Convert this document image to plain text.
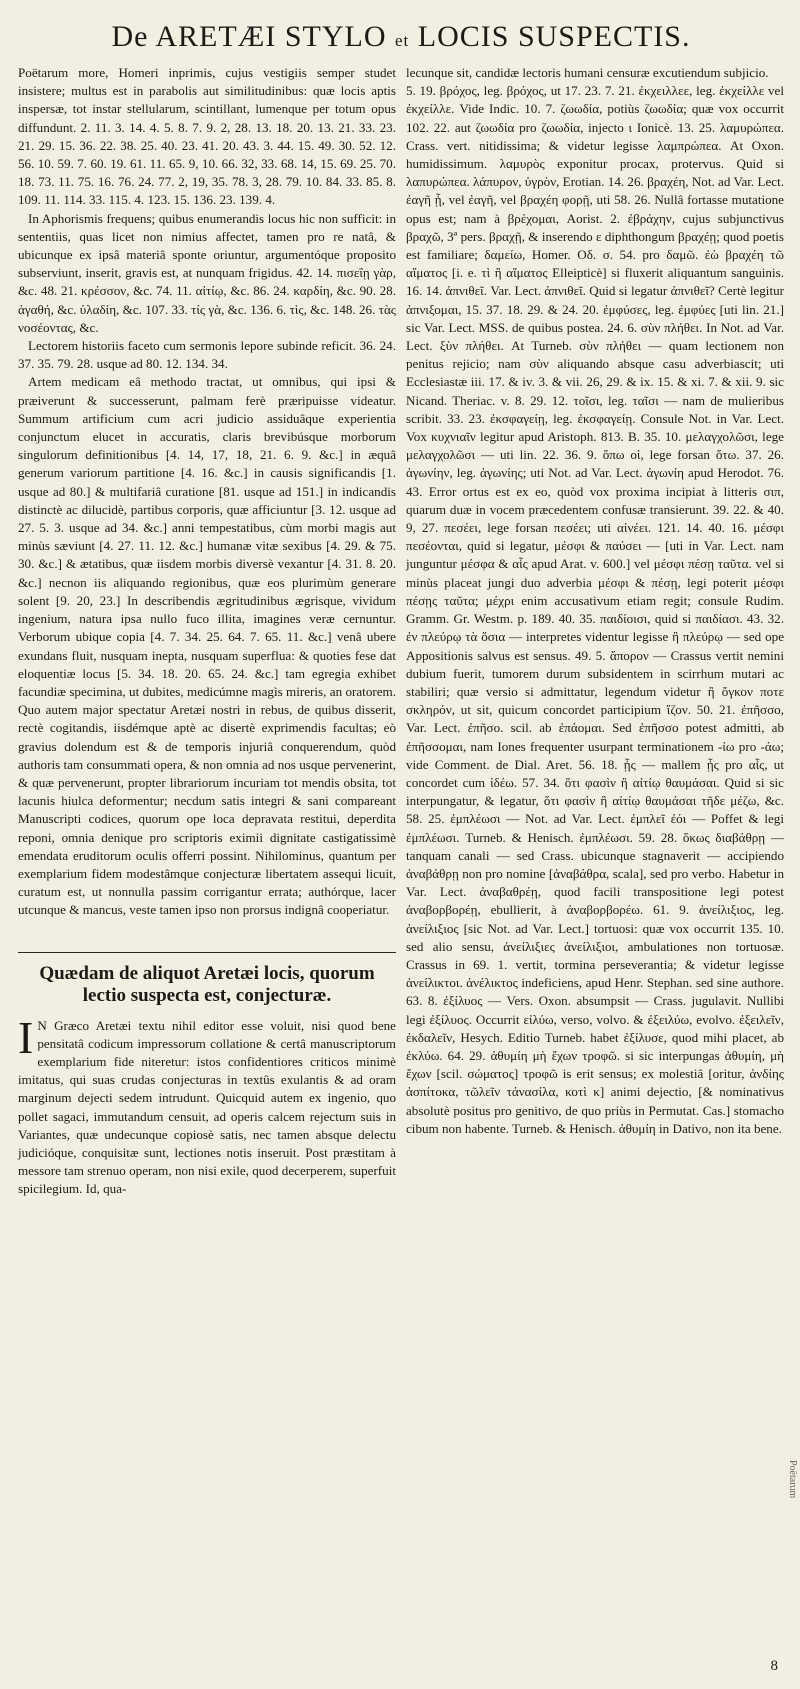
De ARETÆI STYLO et LOCIS SUSPECTIS.

Poëtarum more, Homeri inprimis, cujus vestigiis semper studet insistere; multus est in parabolis aut similitudinibus: quæ locis aptis inspersæ, tot instar stellularum, scintillant, lumenque per totum opus diffundunt. 2. 11. 3. 14. 4. 5. 8. 7. 9. 2, 28. 13. 18. 20. 13. 21. 33. 23. 21. 29. 15. 36. 22. 38. 25. 40. 23. 41. 20. 43. 3. 44. 15. 49. 30. 52. 12. 56. 10. 59. 7. 60. 19. 61. 11. 65. 9, 10. 66. 32, 33. 68. 14, 15. 69. 25. 70. 18. 73. 11. 75. 16. 76. 24. 77. 2, 19, 35. 78. 3, 28. 79. 10. 84. 33. 85. 8. 109. 11. 114. 33. 115. 4. 123. 15. 136. 23. 139. 4.

In Aphorismis frequens; quibus enumerandis locus hic non sufficit: in sententiis, quas licet non nimius affectet, tamen pro re natâ, & ubicunque ex ipsâ materiâ sponte oriuntur, argumentóque proposito subserviunt, inserit, gravis est, at nunquam frigidus. 42. 14. πισεΐῃ γὰρ, &c. 48. 21. κρέσσον, &c. 74. 11. αἰτίῳ, &c. 86. 24. καρδίη, &c. 90. 28. ἀγαθή, &c. ὑλαδίη, &c. 107. 33. τίς γὰ, &c. 136. 6. τὶς, &c. 148. 26. τὰς νοσέοντας, &c.

Lectorem historiis faceto cum sermonis lepore subinde reficit. 36. 24. 37. 35. 79. 28. usque ad 80. 12. 134. 34.

Artem medicam eâ methodo tractat, ut omnibus, qui ipsi & præiverunt & successerunt, palmam ferè præripuisse videatur. Summum artificium cum acri judicio assiduâque experientia conjunctum elucet in accuratis, claris brevibúsque morborum singulorum definitionibus [4. 14, 17, 18, 21. 6. 9. &c.] in æquâ generum variorum partitione [4. 16. &c.] in causis significandis [1. usque ad 80.] & multifariâ curatione [81. usque ad 151.] in indicandis distinctè ac dilucidè, partibus corporis, quæ afficiuntur [3. 12. usque ad 27. 5. 3. usque ad 34. &c.] anni tempestatibus, cùm morbi magis aut minùs sæviunt [4. 27. 11. 12. &c.] humanæ vitæ sexibus [4. 29. & 75. 30. &c.] & ætatibus, quæ iisdem morbis diversè vexantur [4. 31. 8. 20. &c.] necnon iis aliquando regionibus, quæ eos plurimùm generare solent [9. 20, 23.] In describendis ægritudinibus ægrisque, vividum ingenium, natura ipsa nullo fuco illita, imagines veræ cernuntur. Verborum ubique copia [4. 7. 34. 25. 64. 7. 65. 11. &c.] venâ ubere exundans fluit, nusquam inepta, nusquam superflua: & quoties fese dat eloquentiæ locus [5. 34. 18. 20. 65. 24. &c.] tam egregia exhibet facundiæ specimina, ut dubites, medicúmne magìs mireris, an oratorem. Quo autem major spectatur Aretæi nostri in rebus, de quibus disserit, rectè cogitandis, iisdémque aptè ac disertè exprimendis facultas; eò gravius dolendum est & de temporis injuriâ conquerendum, quòd authoris tam consummati opera, & non omnia ad nos usque pervenerint, & quæ pervenerunt, propter librariorum incuriam tot mendis obsita, tot lacunis hiulca deformentur; necdum satis integri & sani compareant Manuscripti codices, quorum ope loca depravata restitui, deperdita reponi, omnia denique pro scriptoris eximii dignitate castigatissimè emendata eruditorum oculis offerri possint. Nihilominus, quantum per exemplarium fidem modestâmque conjecturæ libertatem assequi licuit, curatum est, ut nonnulla passim corrigantur errata; authórque, lacer utcunque & mancus, veste tamen ipso non prorsus indignâ cooperiatur.

Quædam de aliquot Aretæi locis, quorum lectio suspecta est, conjecturæ.
I N Græco Aretæi textu nihil editor esse voluit, nisi quod bene pensitatâ codicum impressorum collatione & certâ manuscriptorum exemplarium fide niteretur: istos confidentiores criticos minimè imitatus, qui suas crudas conjecturas in textûs exulantis & ad oram marginum dejecti sedem intrudunt. Quicquid autem ex ingenio, quo pollet sagaci, immutandum censuit, ad operis calcem rejectum suis in Variantes, quæ undecunque copiosè satis, nec tamen absque delectu judicióque, conquisitæ sunt, lectiones notis inseruit. Post præstitam à messore tam strenuo operam, non nisi exile, quod decerperem, superfuit spicilegium. Id, qua-

lecunque sit, candidæ lectoris humani censuræ excutiendum subjicio.

5. 19. βρόχος, leg. βρόχος, ut 17. 23. 7. 21. ἐκχειλλεε, leg. ἐκχείλλε vel ἐκχείλλε. Vide Indic. 10. 7. ζωωδία, potiùs ζωωδία; quæ vox occurrit 102. 22. aut ζωωδία pro ζωωδία, injecto ι Ionicè. 13. 25. λαμυρώπεα. Crass. vert. nitidissima; & videtur legisse λαμπρώπεα. At Oxon. humidissimum. λαμυρὸς exponitur procax, protervus. Quid si λαπυρώπεα. λάπυρον, ὑγρὸν, Erotian. 14. 26. βραχέη, Not. ad Var. Lect. ἐαγῆ ᾗ, vel ἐαγῆ, vel βραχέη φορῇ, uti 58. 26. Nullâ fortasse mutatione opus est; nam à βρέχομαι, Aorist. 2. ἐβράχην, cujus subjunctivus βραχῶ, 3ª pers. βραχῇ, & inserendo ε diphthongum βραχέῃ; quod poetis est familiare; δαμείω, Homer. Οδ. σ. 54. pro δαμῶ. ἐὼ βραχέη τῶ αἵματος [i. e. τὶ ἢ αἵματος Elleipticè] si fluxerit aliquantum sanguinis. 16. 14. ἀπνιθεῖ. Var. Lect. ἀπνιθεῖ. Quid si legatur ἀπνιθεῖ? Certè legitur ἀπνιξομαι, 15. 37. 18. 29. & 24. 20. ἐμφύσες, leg. ἐμφύες [uti lin. 21.] sic Var. Lect. MSS. de quibus postea. 24. 6. σὺν πλήθει. In Not. ad Var. Lect. ξὺν πλήθει. At Turneb. σὺν πλήθει — quam lectionem non penitus rejicio; nam σὺν aliquando absque casu adverbiascit; uti Ecclesiastæ iii. 17. & iv. 3. & vii. 26, 29. & ix. 15. & xi. 7. & xii. 9. sic Nicand. Theriac. v. 8. 29. 12. τοῖσι, leg. ταῖσι — nam de mulieribus scribit. 33. 23. ἐκσφαγείῃ, leg. ἐκσφαγείῃ. Consule Not. in Var. Lect. Vox κυχνιαῖν legitur apud Aristoph. 813. B. 35. 10. μελαγχολῶσι, lege μελαγχολῶσι — uti lin. 22. 36. 9. ὅπω οἱ, lege forsan ὅτω. 37. 26. ἀγωνίην, leg. ἀγωνίης; uti Not. ad Var. Lect. ἀγωνίη apud Herodot. 76. 43. Error ortus est ex eo, quòd vox proxima incipiat à litteris σιπ, quarum duæ in vocem præcedentem confusæ transierunt. 39. 22. & 40. 9, 27. πεσέει, lege forsan πεσέει; uti αἰνέει. 121. 14. 40. 16. μέσφι πεσέονται, quid si legatur, μέσφι & παύσει — [uti in Var. Lect. nam junguntur μέσφα & αἷς apud Arat. v. 600.] vel μέσφι πέσῃ ταῦτα. vel si minùs placeat jungi duo adverbia μέσφι & πέσῃ, legi poterit μέσφι πέσῃς ταῦτα; μέχρι enim accusativum etiam regit; consule Rudim. Gramm. Gr. Westm. p. 189. 40. 35. παιδίοισι, quid si παιδίασι. 43. 32. ἐν πλεύρῳ τὰ ὅσια — interpretes videntur legisse ἢ πλεύρῳ — sed ope Appositionis salvus est sensus. 49. 5. ἄπορον — Crassus vertit nemini dubium fuerit, tumorem durum subsidentem in scirrhum mutari ac stabiliri; quæ versio si admittatur, legendum videtur ἢ ὄγκον ποτε σκληρόν, ut sit, quicum concordet participium ἴζον. 50. 21. ἐπῆσσο, Var. Lect. ἐπῆσο. scil. ab ἐπάομαι. Sed ἐπῆσσο potest admitti, ab ἐπῆσσομαι, nam Iones frequenter usurpant terminationem -ίω pro -άω; vide Comment. de Dial. Aret. 56. 18. ᾖς — mallem ᾖς pro αἷς, ut concordet cum ἰδέω. 57. 34. ὅτι φασὶν ἢ αἰτίῳ θαυμάσαι. Quid si sic interpungatur, & legatur, ὅτι φασὶν ἢ αἰτίῳ θαυμάσαι τῆδε μέζω, &c. 58. 25. ἐμπλέωσι — Not. ad Var. Lect. ἐμπλεῖ ἐόι — Poffet & legi ἐμπλέωσι. Turneb. & Henisch. ἐμπλέωσι. 59. 28. ὅκως διαβάθρῃ — tanquam canali — sed Crass. ubicunque stagnaverit — accipiendo ἀναβάθρῃ non pro nomine [ἀναβάθρα, scala], sed pro verbo. Habetur in Var. Lect. ἀναβαθρέῃ, quod facili transpositione legi potest ἀναβορβορέῃ, ebullierit, à ἀναβορβορέω. 61. 9. ἀνείλιξιος, leg. ἀνείλιξιος [sic Not. ad Var. Lect.] tortuosi: quæ vox occurrit 135. 10. sed alio sensu, ἀνείλιξιες ἀνείλιξιοι, ambulationes non tortuosæ. Crassus in 69. 1. vertit, tormina perseverantia; & videtur legisse ἀνείλικτοι. ἀνέλικτος indeficiens, apud Henr. Stephan. sed sine authore. 63. 8. ἐξίλυος — Vers. Oxon. absumpsit — Crass. jugulavit. Nullibi legi ἐξίλυος. Occurrit εἰλύω, verso, volvo. & ἐξειλύω, evolvo. ἐξειλεῖν, ἐκδαλεῖν, Hesych. Editio Turneb. habet ἐξίλυσε, quod mihi placet, ab ἐκλύω. 64. 29. ἀθυμίη μὴ ἔχων τροφῶ. si sic interpungas ἀθυμίη, μὴ ἔχων [scil. σώματος] τροφῶ is erit sensus; ex molestiâ [oritur, ἀνδίης ἀσπίτοκα, τῶλεῖν τάνασίλα, κοτὶ κ] animi dejectio, [& nominativus absolutè positus pro genitivo, de quo priùs in Permutat. Cas.] stomacho cibum non habente. Turneb. & Henisch. ἀθυμίη in Dativo, non ita bene.

Poëtarum
8
